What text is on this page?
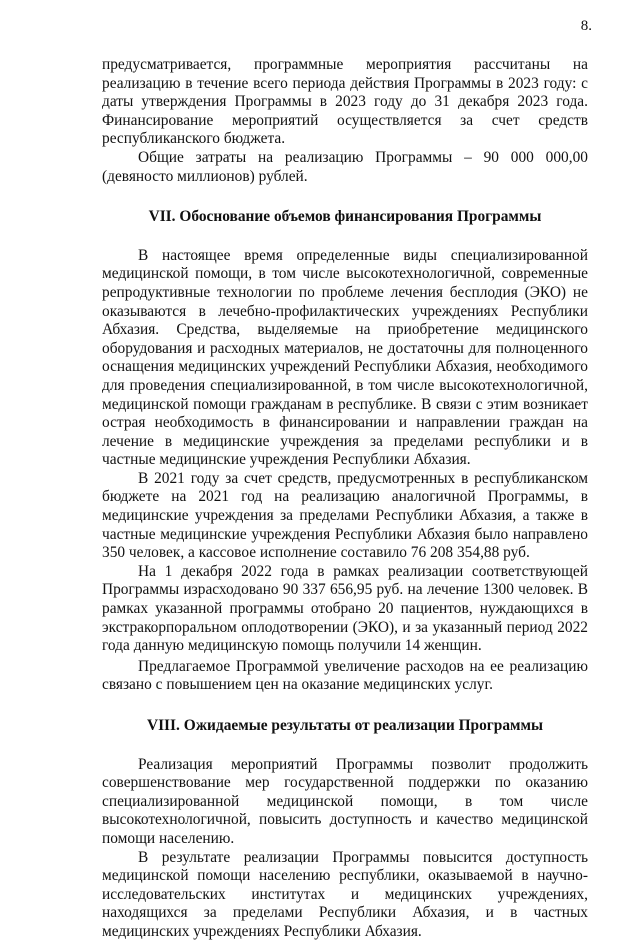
8.

предусматривается, программные мероприятия рассчитаны на реализацию в течение всего периода действия Программы в 2023 году: с даты утверждения Программы в 2023 году до 31 декабря 2023 года. Финансирование мероприятий осуществляется за счет средств республиканского бюджета.

Общие затраты на реализацию Программы – 90 000 000,00 (девяносто миллионов) рублей.

VII. Обоснование объемов финансирования Программы

В настоящее время определенные виды специализированной медицинской помощи, в том числе высокотехнологичной, современные репродуктивные технологии по проблеме лечения бесплодия (ЭКО) не оказываются в лечебно-профилактических учреждениях Республики Абхазия. Средства, выделяемые на приобретение медицинского оборудования и расходных материалов, не достаточны для полноценного оснащения медицинских учреждений Республики Абхазия, необходимого для проведения специализированной, в том числе высокотехнологичной, медицинской помощи гражданам в республике. В связи с этим возникает острая необходимость в финансировании и направлении граждан на лечение в медицинские учреждения за пределами республики и в частные медицинские учреждения Республики Абхазия.

В 2021 году за счет средств, предусмотренных в республиканском бюджете на 2021 год на реализацию аналогичной Программы, в медицинские учреждения за пределами Республики Абхазия, а также в частные медицинские учреждения Республики Абхазия было направлено 350 человек, а кассовое исполнение составило 76 208 354,88 руб.

На 1 декабря 2022 года в рамках реализации соответствующей Программы израсходовано 90 337 656,95 руб. на лечение 1300 человек. В рамках указанной программы отобрано 20 пациентов, нуждающихся в экстракорпоральном оплодотворении (ЭКО), и за указанный период 2022 года данную медицинскую помощь получили 14 женщин.

Предлагаемое Программой увеличение расходов на ее реализацию связано с повышением цен на оказание медицинских услуг.

VIII. Ожидаемые результаты от реализации Программы

Реализация мероприятий Программы позволит продолжить совершенствование мер государственной поддержки по оказанию специализированной медицинской помощи, в том числе высокотехнологичной, повысить доступность и качество медицинской помощи населению.

В результате реализации Программы повысится доступность медицинской помощи населению республики, оказываемой в научно-исследовательских институтах и медицинских учреждениях, находящихся за пределами Республики Абхазия, и в частных медицинских учреждениях Республики Абхазия.
